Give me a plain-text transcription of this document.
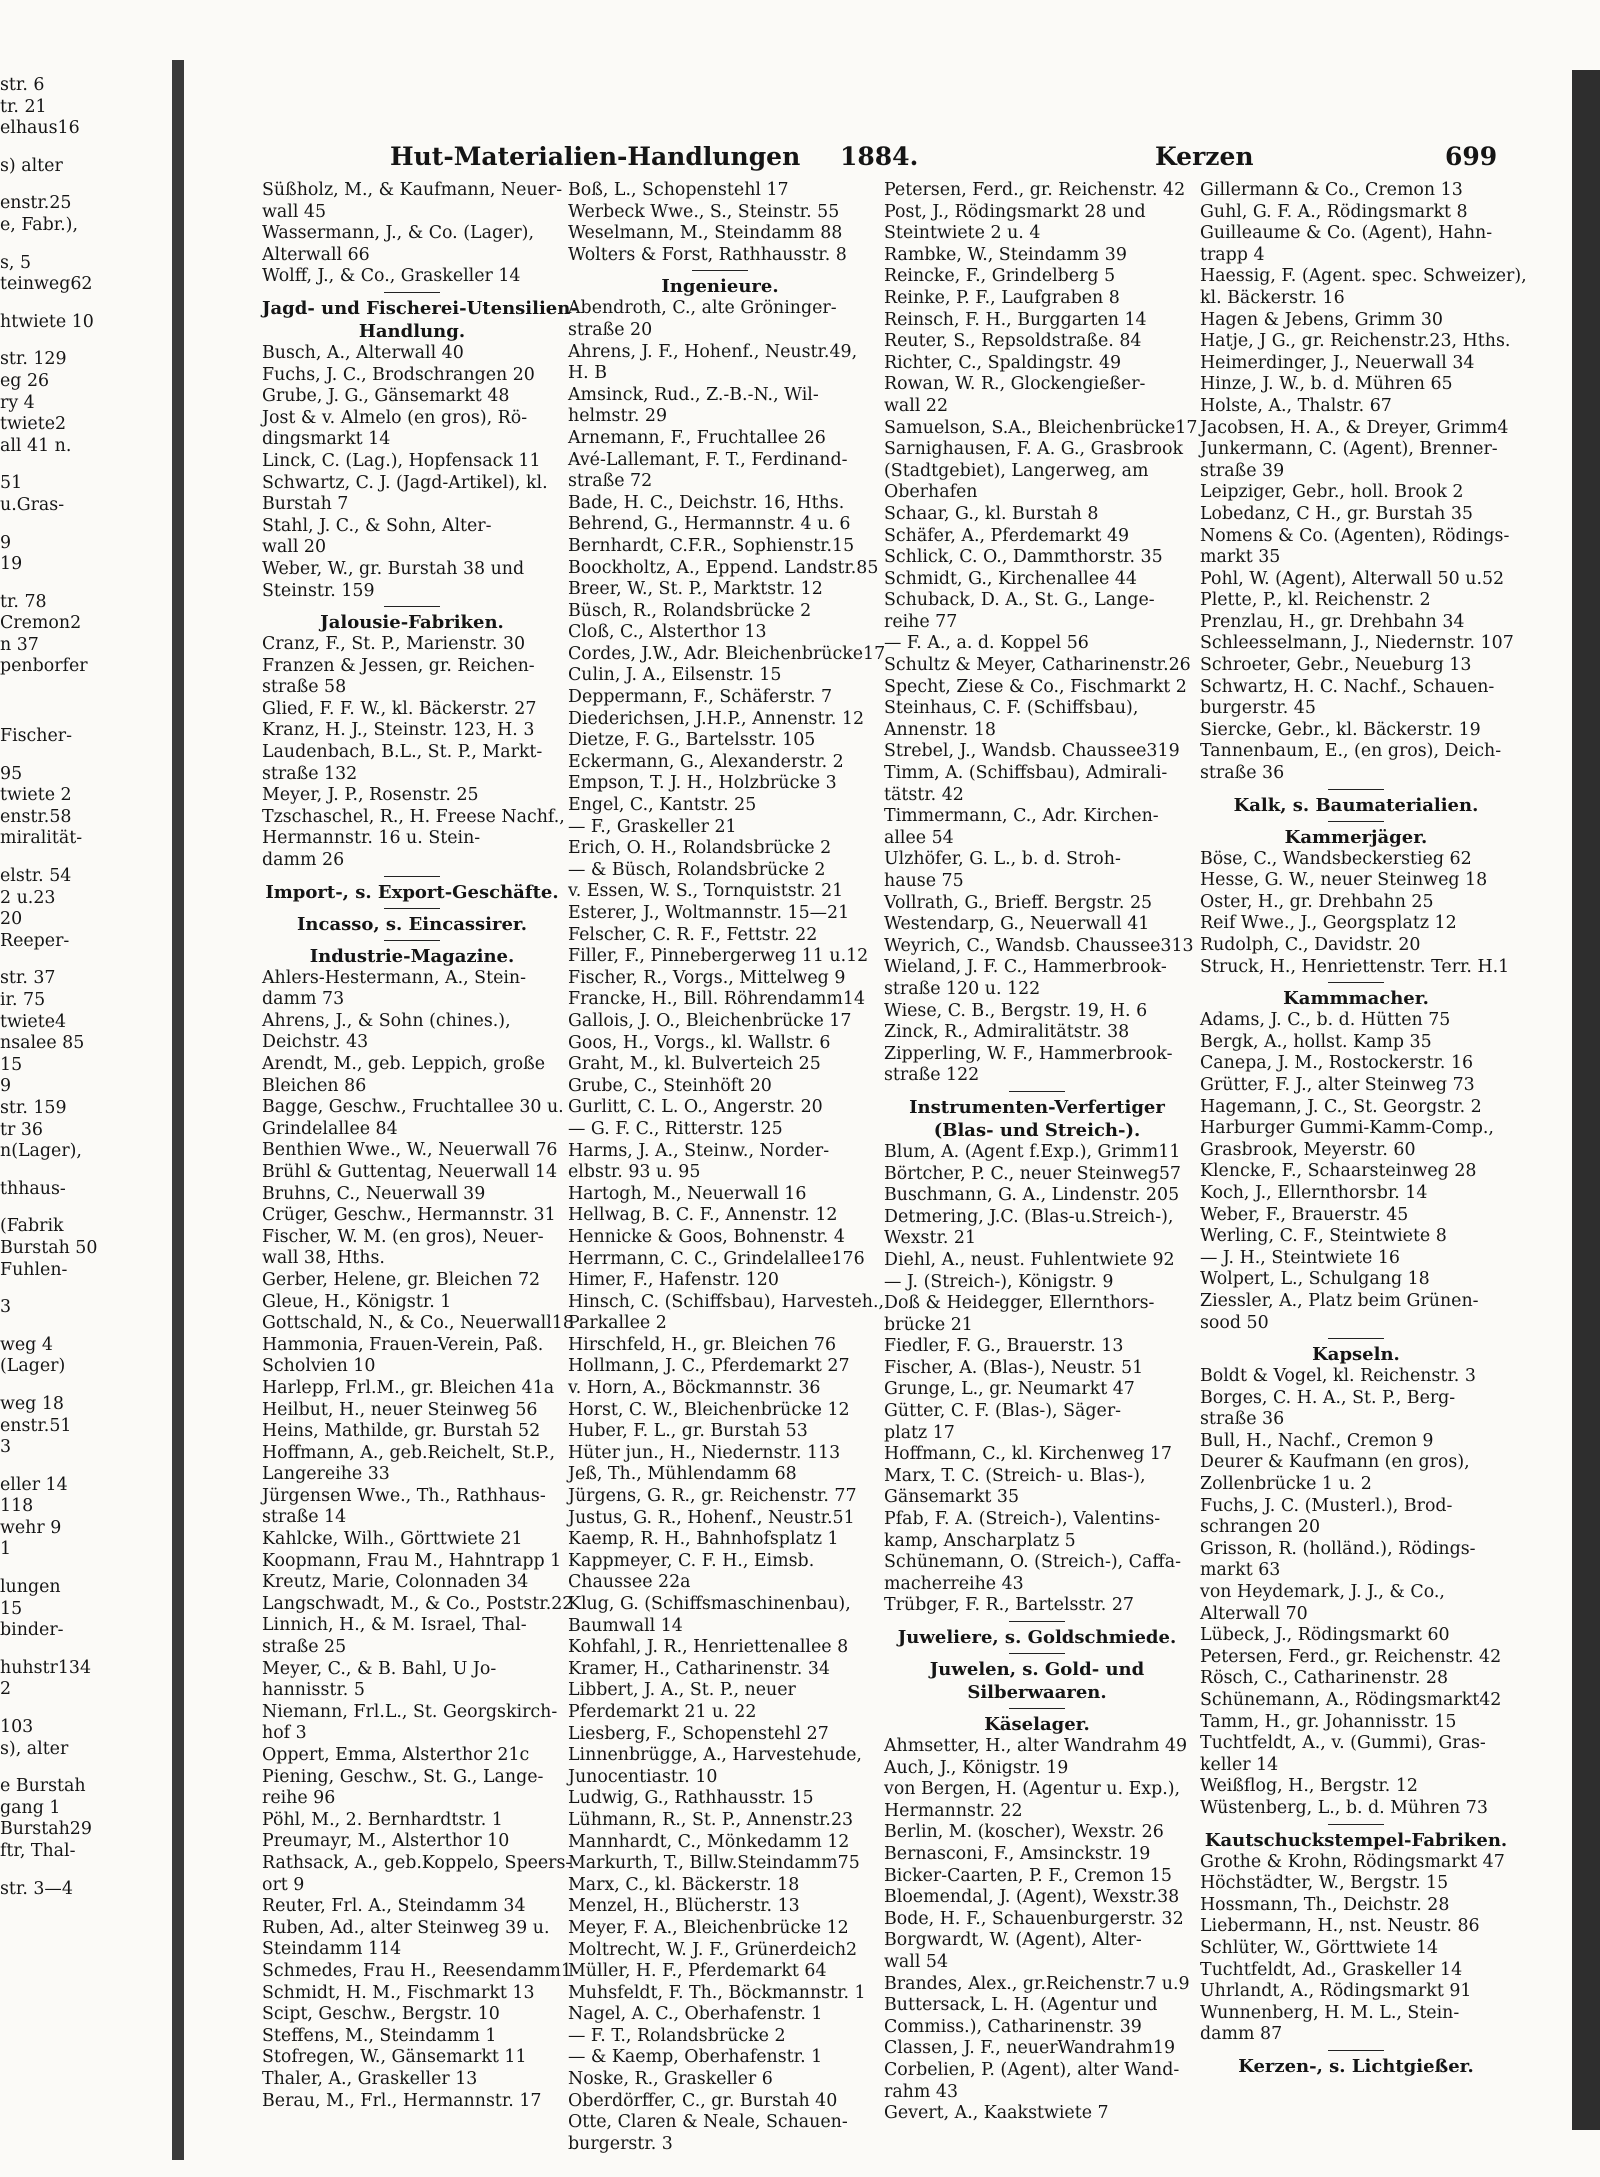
str. 6
tr. 21
elhaus16
s) alter
enstr.25
e, Fabr.),
s, 5
teinweg62
htwiete 10
str. 129
eg 26
ry 4
twiete2
all 41 n.
51
u.Gras-
9
19
tr. 78
Cremon2
n 37
penborfer
Fischer-
95
twiete 2
enstr.58
miralität-
elstr. 54
2 u.23
20
Reeper-
str. 37
ir. 75
twiete4
nsalee 85
15
9
str. 159
tr 36
n(Lager),
thhaus-
(Fabrik
Burstah 50
Fuhlen-
3
weg 4
(Lager)
weg 18
enstr.51
3
eller 14
118
wehr 9
1
lungen
15
binder-
huhstr134
2
103
s), alter
e Burstah
gang 1
Burstah29
ftr, Thal-
str. 3—4
Hut-Materialien-Handlungen 1884.	Kerzen	699
Süßholz, M., & Kaufmann, Neuer-
wall 45
Wassermann, J., & Co. (Lager),
Alterwall 66
Wolff, J., & Co., Graskeller 14
Jagd- und Fischerei-Utensilien-
Handlung.
Busch, A., Alterwall 40
Fuchs, J. C., Brodschrangen 20
Grube, J. G., Gänsemarkt 48
Jost & v. Almelo (en gros), Rö-
dingsmarkt 14
Linck, C. (Lag.), Hopfensack 11
Schwartz, C. J. (Jagd-Artikel), kl.
Burstah 7
Stahl, J. C., & Sohn, Alter-
wall 20
Weber, W., gr. Burstah 38 und
Steinstr. 159
Jalousie-Fabriken.
Cranz, F., St. P., Marienstr. 30
Franzen & Jessen, gr. Reichen-
straße 58
Glied, F. F. W., kl. Bäckerstr. 27
Kranz, H. J., Steinstr. 123, H. 3
Laudenbach, B.L., St. P., Markt-
straße 132
Meyer, J. P., Rosenstr. 25
Tzschaschel, R., H. Freese Nachf.,
Hermannstr. 16 u. Stein-
damm 26
Import-, s. Export-Geschäfte.
Incasso, s. Eincassirer.
Industrie-Magazine.
Ahlers-Hestermann, A., Stein-
damm 73
Ahrens, J., & Sohn (chines.),
Deichstr. 43
Arendt, M., geb. Leppich, große
Bleichen 86
Bagge, Geschw., Fruchtallee 30 u.
Grindelallee 84
Benthien Wwe., W., Neuerwall 76
Brühl & Guttentag, Neuerwall 14
Bruhns, C., Neuerwall 39
Crüger, Geschw., Hermannstr. 31
Fischer, W. M. (en gros), Neuer-
wall 38, Hths.
Gerber, Helene, gr. Bleichen 72
Gleue, H., Königstr. 1
Gottschald, N., & Co., Neuerwall18
Hammonia, Frauen-Verein, Paß.
Scholvien 10
Harlepp, Frl.M., gr. Bleichen 41a
Heilbut, H., neuer Steinweg 56
Heins, Mathilde, gr. Burstah 52
Hoffmann, A., geb.Reichelt, St.P.,
Langereihe 33
Jürgensen Wwe., Th., Rathhaus-
straße 14
Kahlcke, Wilh., Görttwiete 21
Koopmann, Frau M., Hahntrapp 1
Kreutz, Marie, Colonnaden 34
Langschwadt, M., & Co., Poststr.22
Linnich, H., & M. Israel, Thal-
straße 25
Meyer, C., & B. Bahl, U Jo-
hannisstr. 5
Niemann, Frl.L., St. Georgskirch-
hof 3
Oppert, Emma, Alsterthor 21c
Piening, Geschw., St. G., Lange-
reihe 96
Pöhl, M., 2. Bernhardtstr. 1
Preumayr, M., Alsterthor 10
Rathsack, A., geb.Koppelo, Speers-
ort 9
Reuter, Frl. A., Steindamm 34
Ruben, Ad., alter Steinweg 39 u.
Steindamm 114
Schmedes, Frau H., Reesendamm1
Schmidt, H. M., Fischmarkt 13
Scipt, Geschw., Bergstr. 10
Steffens, M., Steindamm 1
Stofregen, W., Gänsemarkt 11
Thaler, A., Graskeller 13
Berau, M., Frl., Hermannstr. 17
Boß, L., Schopenstehl 17
Werbeck Wwe., S., Steinstr. 55
Weselmann, M., Steindamm 88
Wolters & Forst, Rathhausstr. 8
Ingenieure.
Abendroth, C., alte Gröninger-
straße 20
Ahrens, J. F., Hohenf., Neustr.49,
H. B
Amsinck, Rud., Z.-B.-N., Wil-
helmstr. 29
Arnemann, F., Fruchtallee 26
Avé-Lallemant, F. T., Ferdinand-
straße 72
Bade, H. C., Deichstr. 16, Hths.
Behrend, G., Hermannstr. 4 u. 6
Bernhardt, C.F.R., Sophienstr.15
Boockholtz, A., Eppend. Landstr.85
Breer, W., St. P., Marktstr. 12
Büsch, R., Rolandsbrücke 2
Cloß, C., Alsterthor 13
Cordes, J.W., Adr. Bleichenbrücke17
Culin, J. A., Eilsenstr. 15
Deppermann, F., Schäferstr. 7
Diederichsen, J.H.P., Annenstr. 12
Dietze, F. G., Bartelsstr. 105
Eckermann, G., Alexanderstr. 2
Empson, T. J. H., Holzbrücke 3
Engel, C., Kantstr. 25
— F., Graskeller 21
Erich, O. H., Rolandsbrücke 2
— & Büsch, Rolandsbrücke 2
v. Essen, W. S., Tornquiststr. 21
Esterer, J., Woltmannstr. 15—21
Felscher, C. R. F., Fettstr. 22
Filler, F., Pinnebergerweg 11 u.12
Fischer, R., Vorgs., Mittelweg 9
Francke, H., Bill. Röhrendamm14
Gallois, J. O., Bleichenbrücke 17
Goos, H., Vorgs., kl. Wallstr. 6
Graht, M., kl. Bulverteich 25
Grube, C., Steinhöft 20
Gurlitt, C. L. O., Angerstr. 20
— G. F. C., Ritterstr. 125
Harms, J. A., Steinw., Norder-
elbstr. 93 u. 95
Hartogh, M., Neuerwall 16
Hellwag, B. C. F., Annenstr. 12
Hennicke & Goos, Bohnenstr. 4
Herrmann, C. C., Grindelallee176
Himer, F., Hafenstr. 120
Hinsch, C. (Schiffsbau), Harvesteh.,
Parkallee 2
Hirschfeld, H., gr. Bleichen 76
Hollmann, J. C., Pferdemarkt 27
v. Horn, A., Böckmannstr. 36
Horst, C. W., Bleichenbrücke 12
Huber, F. L., gr. Burstah 53
Hüter jun., H., Niedernstr. 113
Jeß, Th., Mühlendamm 68
Jürgens, G. R., gr. Reichenstr. 77
Justus, G. R., Hohenf., Neustr.51
Kaemp, R. H., Bahnhofsplatz 1
Kappmeyer, C. F. H., Eimsb.
Chaussee 22a
Klug, G. (Schiffsmaschinenbau),
Baumwall 14
Kohfahl, J. R., Henriettenallee 8
Kramer, H., Catharinenstr. 34
Libbert, J. A., St. P., neuer
Pferdemarkt 21 u. 22
Liesberg, F., Schopenstehl 27
Linnenbrügge, A., Harvestehude,
Junocentiastr. 10
Ludwig, G., Rathhausstr. 15
Lühmann, R., St. P., Annenstr.23
Mannhardt, C., Mönkedamm 12
Markurth, T., Billw.Steindamm75
Marx, C., kl. Bäckerstr. 18
Menzel, H., Blücherstr. 13
Meyer, F. A., Bleichenbrücke 12
Moltrecht, W. J. F., Grünerdeich2
Müller, H. F., Pferdemarkt 64
Muhsfeldt, F. Th., Böckmannstr. 1
Nagel, A. C., Oberhafenstr. 1
— F. T., Rolandsbrücke 2
— & Kaemp, Oberhafenstr. 1
Noske, R., Graskeller 6
Oberdörffer, C., gr. Burstah 40
Otte, Claren & Neale, Schauen-
burgerstr. 3
Petersen, Ferd., gr. Reichenstr. 42
Post, J., Rödingsmarkt 28 und
Steintwiete 2 u. 4
Rambke, W., Steindamm 39
Reincke, F., Grindelberg 5
Reinke, P. F., Laufgraben 8
Reinsch, F. H., Burggarten 14
Reuter, S., Repsoldstraße. 84
Richter, C., Spaldingstr. 49
Rowan, W. R., Glockengießer-
wall 22
Samuelson, S.A., Bleichenbrücke17
Sarnighausen, F. A. G., Grasbrook
(Stadtgebiet), Langerweg, am
Oberhafen
Schaar, G., kl. Burstah 8
Schäfer, A., Pferdemarkt 49
Schlick, C. O., Dammthorstr. 35
Schmidt, G., Kirchenallee 44
Schuback, D. A., St. G., Lange-
reihe 77
— F. A., a. d. Koppel 56
Schultz & Meyer, Catharinenstr.26
Specht, Ziese & Co., Fischmarkt 2
Steinhaus, C. F. (Schiffsbau),
Annenstr. 18
Strebel, J., Wandsb. Chaussee319
Timm, A. (Schiffsbau), Admirali-
tätstr. 42
Timmermann, C., Adr. Kirchen-
allee 54
Ulzhöfer, G. L., b. d. Stroh-
hause 75
Vollrath, G., Brieff. Bergstr. 25
Westendarp, G., Neuerwall 41
Weyrich, C., Wandsb. Chaussee313
Wieland, J. F. C., Hammerbrook-
straße 120 u. 122
Wiese, C. B., Bergstr. 19, H. 6
Zinck, R., Admiralitätstr. 38
Zipperling, W. F., Hammerbrook-
straße 122
Instrumenten-Verfertiger
(Blas- und Streich-).
Blum, A. (Agent f.Exp.), Grimm11
Börtcher, P. C., neuer Steinweg57
Buschmann, G. A., Lindenstr. 205
Detmering, J.C. (Blas-u.Streich-),
Wexstr. 21
Diehl, A., neust. Fuhlentwiete 92
— J. (Streich-), Königstr. 9
Doß & Heidegger, Ellernthors-
brücke 21
Fiedler, F. G., Brauerstr. 13
Fischer, A. (Blas-), Neustr. 51
Grunge, L., gr. Neumarkt 47
Gütter, C. F. (Blas-), Säger-
platz 17
Hoffmann, C., kl. Kirchenweg 17
Marx, T. C. (Streich- u. Blas-),
Gänsemarkt 35
Pfab, F. A. (Streich-), Valentins-
kamp, Anscharplatz 5
Schünemann, O. (Streich-), Caffa-
macherreihe 43
Trübger, F. R., Bartelsstr. 27
Juweliere, s. Goldschmiede.
Juwelen, s. Gold- und
Silberwaaren.
Käselager.
Ahmsetter, H., alter Wandrahm 49
Auch, J., Königstr. 19
von Bergen, H. (Agentur u. Exp.),
Hermannstr. 22
Berlin, M. (koscher), Wexstr. 26
Bernasconi, F., Amsinckstr. 19
Bicker-Caarten, P. F., Cremon 15
Bloemendal, J. (Agent), Wexstr.38
Bode, H. F., Schauenburgerstr. 32
Borgwardt, W. (Agent), Alter-
wall 54
Brandes, Alex., gr.Reichenstr.7 u.9
Buttersack, L. H. (Agentur und
Commiss.), Catharinenstr. 39
Classen, J. F., neuerWandrahm19
Corbelien, P. (Agent), alter Wand-
rahm 43
Gevert, A., Kaakstwiete 7
Gillermann & Co., Cremon 13
Guhl, G. F. A., Rödingsmarkt 8
Guilleaume & Co. (Agent), Hahn-
trapp 4
Haessig, F. (Agent. spec. Schweizer),
kl. Bäckerstr. 16
Hagen & Jebens, Grimm 30
Hatje, J G., gr. Reichenstr.23, Hths.
Heimerdinger, J., Neuerwall 34
Hinze, J. W., b. d. Mühren 65
Holste, A., Thalstr. 67
Jacobsen, H. A., & Dreyer, Grimm4
Junkermann, C. (Agent), Brenner-
straße 39
Leipziger, Gebr., holl. Brook 2
Lobedanz, C H., gr. Burstah 35
Nomens & Co. (Agenten), Rödings-
markt 35
Pohl, W. (Agent), Alterwall 50 u.52
Plette, P., kl. Reichenstr. 2
Prenzlau, H., gr. Drehbahn 34
Schleesselmann, J., Niedernstr. 107
Schroeter, Gebr., Neueburg 13
Schwartz, H. C. Nachf., Schauen-
burgerstr. 45
Siercke, Gebr., kl. Bäckerstr. 19
Tannenbaum, E., (en gros), Deich-
straße 36
Kalk, s. Baumaterialien.
Kammerjäger.
Böse, C., Wandsbeckerstieg 62
Hesse, G. W., neuer Steinweg 18
Oster, H., gr. Drehbahn 25
Reif Wwe., J., Georgsplatz 12
Rudolph, C., Davidstr. 20
Struck, H., Henriettenstr. Terr. H.1
Kammmacher.
Adams, J. C., b. d. Hütten 75
Bergk, A., hollst. Kamp 35
Canepa, J. M., Rostockerstr. 16
Grütter, F. J., alter Steinweg 73
Hagemann, J. C., St. Georgstr. 2
Harburger Gummi-Kamm-Comp.,
Grasbrook, Meyerstr. 60
Klencke, F., Schaarsteinweg 28
Koch, J., Ellernthorsbr. 14
Weber, F., Brauerstr. 45
Werling, C. F., Steintwiete 8
— J. H., Steintwiete 16
Wolpert, L., Schulgang 18
Ziessler, A., Platz beim Grünen-
sood 50
Kapseln.
Boldt & Vogel, kl. Reichenstr. 3
Borges, C. H. A., St. P., Berg-
straße 36
Bull, H., Nachf., Cremon 9
Deurer & Kaufmann (en gros),
Zollenbrücke 1 u. 2
Fuchs, J. C. (Musterl.), Brod-
schrangen 20
Grisson, R. (holländ.), Rödings-
markt 63
von Heydemark, J. J., & Co.,
Alterwall 70
Lübeck, J., Rödingsmarkt 60
Petersen, Ferd., gr. Reichenstr. 42
Rösch, C., Catharinenstr. 28
Schünemann, A., Rödingsmarkt42
Tamm, H., gr. Johannisstr. 15
Tuchtfeldt, A., v. (Gummi), Gras-
keller 14
Weißflog, H., Bergstr. 12
Wüstenberg, L., b. d. Mühren 73
Kautschuckstempel-Fabriken.
Grothe & Krohn, Rödingsmarkt 47
Höchstädter, W., Bergstr. 15
Hossmann, Th., Deichstr. 28
Liebermann, H., nst. Neustr. 86
Schlüter, W., Görttwiete 14
Tuchtfeldt, Ad., Graskeller 14
Uhrlandt, A., Rödingsmarkt 91
Wunnenberg, H. M. L., Stein-
damm 87
Kerzen-, s. Lichtgießer.
